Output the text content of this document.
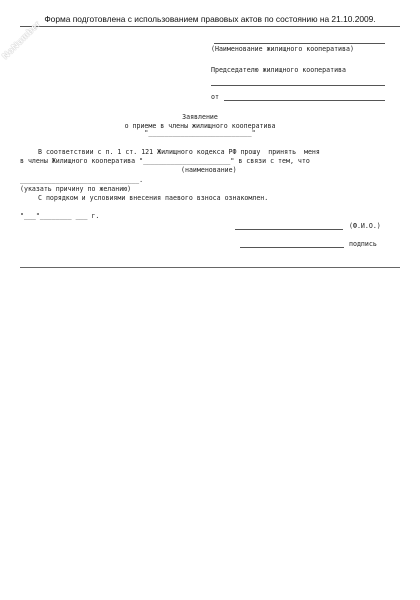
Форма подготовлена с использованием правовых актов по состоянию на 21.10.2009.
NoNumber	(Наименование жилищного кооператива)
Председателю жилищного кооператива
от
Заявление
о приеме в члены жилищного кооператива
"__________________________"
В соответствии с п. 1 ст. 121 Жилищного кодекса РФ прошу  принять  меня
в члены Жилищного кооператива "______________________" в связи с тем, что
(наименование)
______________________________.
(указать причину по желанию)
С порядком и условиями внесения паевого взноса ознакомлен.
"___"________ ___ г.
(Ф.И.О.)
подпись
